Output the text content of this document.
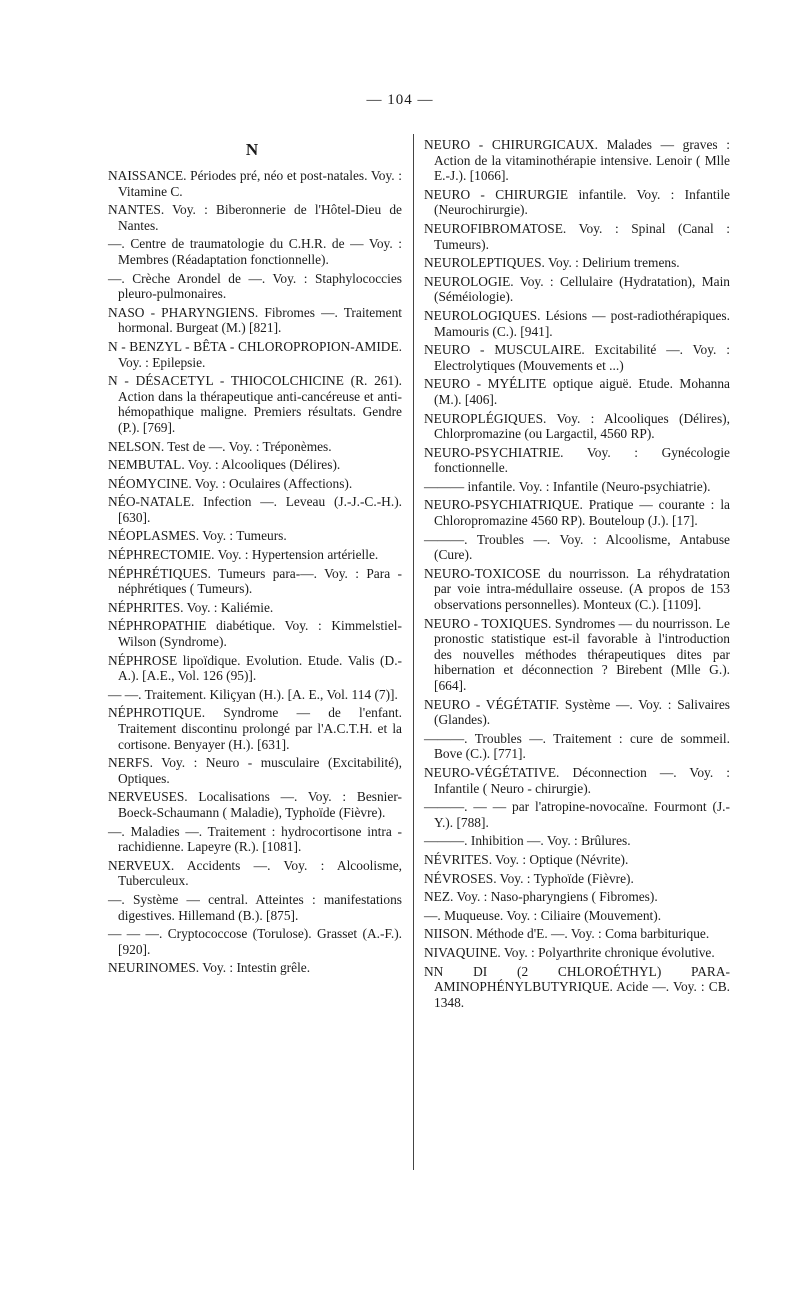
— 104 —
N
NAISSANCE. Périodes pré, néo et post-natales. Voy. : Vitamine C.
NANTES. Voy. : Biberonnerie de l'Hôtel-Dieu de Nantes.
—. Centre de traumatologie du C.H.R. de — Voy. : Membres (Réadaptation fonctionnelle).
—. Crèche Arondel de —. Voy. : Staphylococcies pleuro-pulmonaires.
NASO - PHARYNGIENS. Fibromes —. Traitement hormonal. Burgeat (M.) [821].
N - BENZYL - BÊTA - CHLOROPROPION-AMIDE. Voy. : Epilepsie.
N - DÉSACETYL - THIOCOLCHICINE (R. 261). Action dans la thérapeutique anti-cancéreuse et anti-hémopathique maligne. Premiers résultats. Gendre (P.). [769].
NELSON. Test de —. Voy. : Tréponèmes.
NEMBUTAL. Voy. : Alcooliques (Délires).
NÉOMYCINE. Voy. : Oculaires (Affections).
NÉO-NATALE. Infection —. Leveau (J.-J.-C.-H.). [630].
NÉOPLASMES. Voy. : Tumeurs.
NÉPHRECTOMIE. Voy. : Hypertension artérielle.
NÉPHRÉTIQUES. Tumeurs para-—. Voy. : Para - néphrétiques ( Tumeurs).
NÉPHRITES. Voy. : Kaliémie.
NÉPHROPATHIE diabétique. Voy. : Kimmelstiel-Wilson (Syndrome).
NÉPHROSE lipoïdique. Evolution. Etude. Valis (D.-A.). [A.E., Vol. 126 (95)].
— —. Traitement. Kiliçyan (H.). [A. E., Vol. 114 (7)].
NÉPHROTIQUE. Syndrome — de l'enfant. Traitement discontinu prolongé par l'A.C.T.H. et la cortisone. Benyayer (H.). [631].
NERFS. Voy. : Neuro - musculaire (Excitabilité), Optiques.
NERVEUSES. Localisations —. Voy. : Besnier-Boeck-Schaumann ( Maladie), Typhoïde (Fièvre).
—. Maladies —. Traitement : hydrocortisone intra - rachidienne. Lapeyre (R.). [1081].
NERVEUX. Accidents —. Voy. : Alcoolisme, Tuberculeux.
—. Système — central. Atteintes : manifestations digestives. Hillemand (B.). [875].
— — —. Cryptococcose (Torulose). Grasset (A.-F.). [920].
NEURINOMES. Voy. : Intestin grêle.
NEURO - CHIRURGICAUX. Malades — graves : Action de la vitaminothérapie intensive. Lenoir ( Mlle E.-J.). [1066].
NEURO - CHIRURGIE infantile. Voy. : Infantile (Neurochirurgie).
NEUROFIBROMATOSE. Voy. : Spinal (Canal : Tumeurs).
NEUROLEPTIQUES. Voy. : Delirium tremens.
NEUROLOGIE. Voy. : Cellulaire (Hydratation), Main (Séméiologie).
NEUROLOGIQUES. Lésions — post-radiothérapiques. Mamouris (C.). [941].
NEURO - MUSCULAIRE. Excitabilité —. Voy. : Electrolytiques (Mouvements et ...)
NEURO - MYÉLITE optique aiguë. Etude. Mohanna (M.). [406].
NEUROPLÉGIQUES. Voy. : Alcooliques (Délires), Chlorpromazine (ou Largactil, 4560 RP).
NEURO-PSYCHIATRIE. Voy. : Gynécologie fonctionnelle.
——— infantile. Voy. : Infantile (Neuro-psychiatrie).
NEURO-PSYCHIATRIQUE. Pratique — courante : la Chloropromazine 4560 RP). Bouteloup (J.). [17].
———. Troubles —. Voy. : Alcoolisme, Antabuse (Cure).
NEURO-TOXICOSE du nourrisson. La réhydratation par voie intra-médullaire osseuse. (A propos de 153 observations personnelles). Monteux (C.). [1109].
NEURO - TOXIQUES. Syndromes — du nourrisson. Le pronostic statistique est-il favorable à l'introduction des nouvelles méthodes thérapeutiques dites par hibernation et déconnection ? Birebent (Mlle G.). [664].
NEURO - VÉGÉTATIF. Système —. Voy. : Salivaires (Glandes).
———. Troubles —. Traitement : cure de sommeil. Bove (C.). [771].
NEURO-VÉGÉTATIVE. Déconnection —. Voy. : Infantile ( Neuro - chirurgie).
———. — — par l'atropine-novocaïne. Fourmont (J.-Y.). [788].
———. Inhibition —. Voy. : Brûlures.
NÉVRITES. Voy. : Optique (Névrite).
NÉVROSES. Voy. : Typhoïde (Fièvre).
NEZ. Voy. : Naso-pharyngiens ( Fibromes).
—. Muqueuse. Voy. : Ciliaire (Mouvement).
NIISON. Méthode d'E. —. Voy. : Coma barbiturique.
NIVAQUINE. Voy. : Polyarthrite chronique évolutive.
NN DI (2 CHLOROÉTHYL) PARA-AMINOPHÉNYLBUTYRIQUE. Acide —. Voy. : CB. 1348.
